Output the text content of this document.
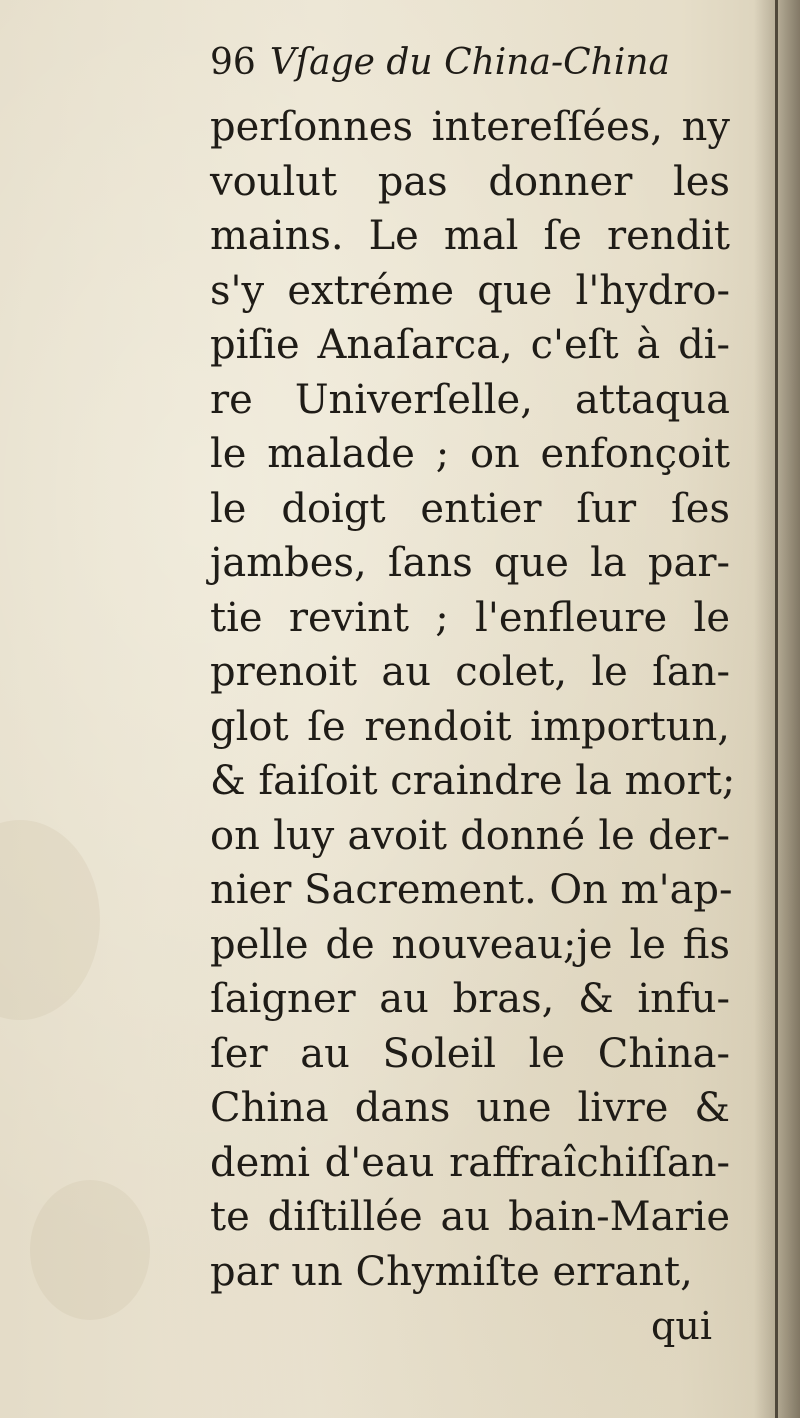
96 Vſage du China-China
perſonnes intereſſées, ny
voulut pas donner les
mains. Le mal ſe rendit
s'y extréme que l'hydro-
piſie Anaſarca, c'eſt à di-
re Univerſelle, attaqua
le malade ; on enfonçoit
le doigt entier ſur ſes
jambes, ſans que la par-
tie revint ; l'enfleure le
prenoit au colet, le ſan-
glot ſe rendoit importun,
& faiſoit craindre la mort;
on luy avoit donné le der-
nier Sacrement. On m'ap-
pelle de nouveau;je le fis
ſaigner au bras, & infu-
ſer au Soleil le China-
China dans une livre &
demi d'eau raffraîchiſſan-
te diſtillée au bain-Marie
par un Chymiſte errant,
qui
